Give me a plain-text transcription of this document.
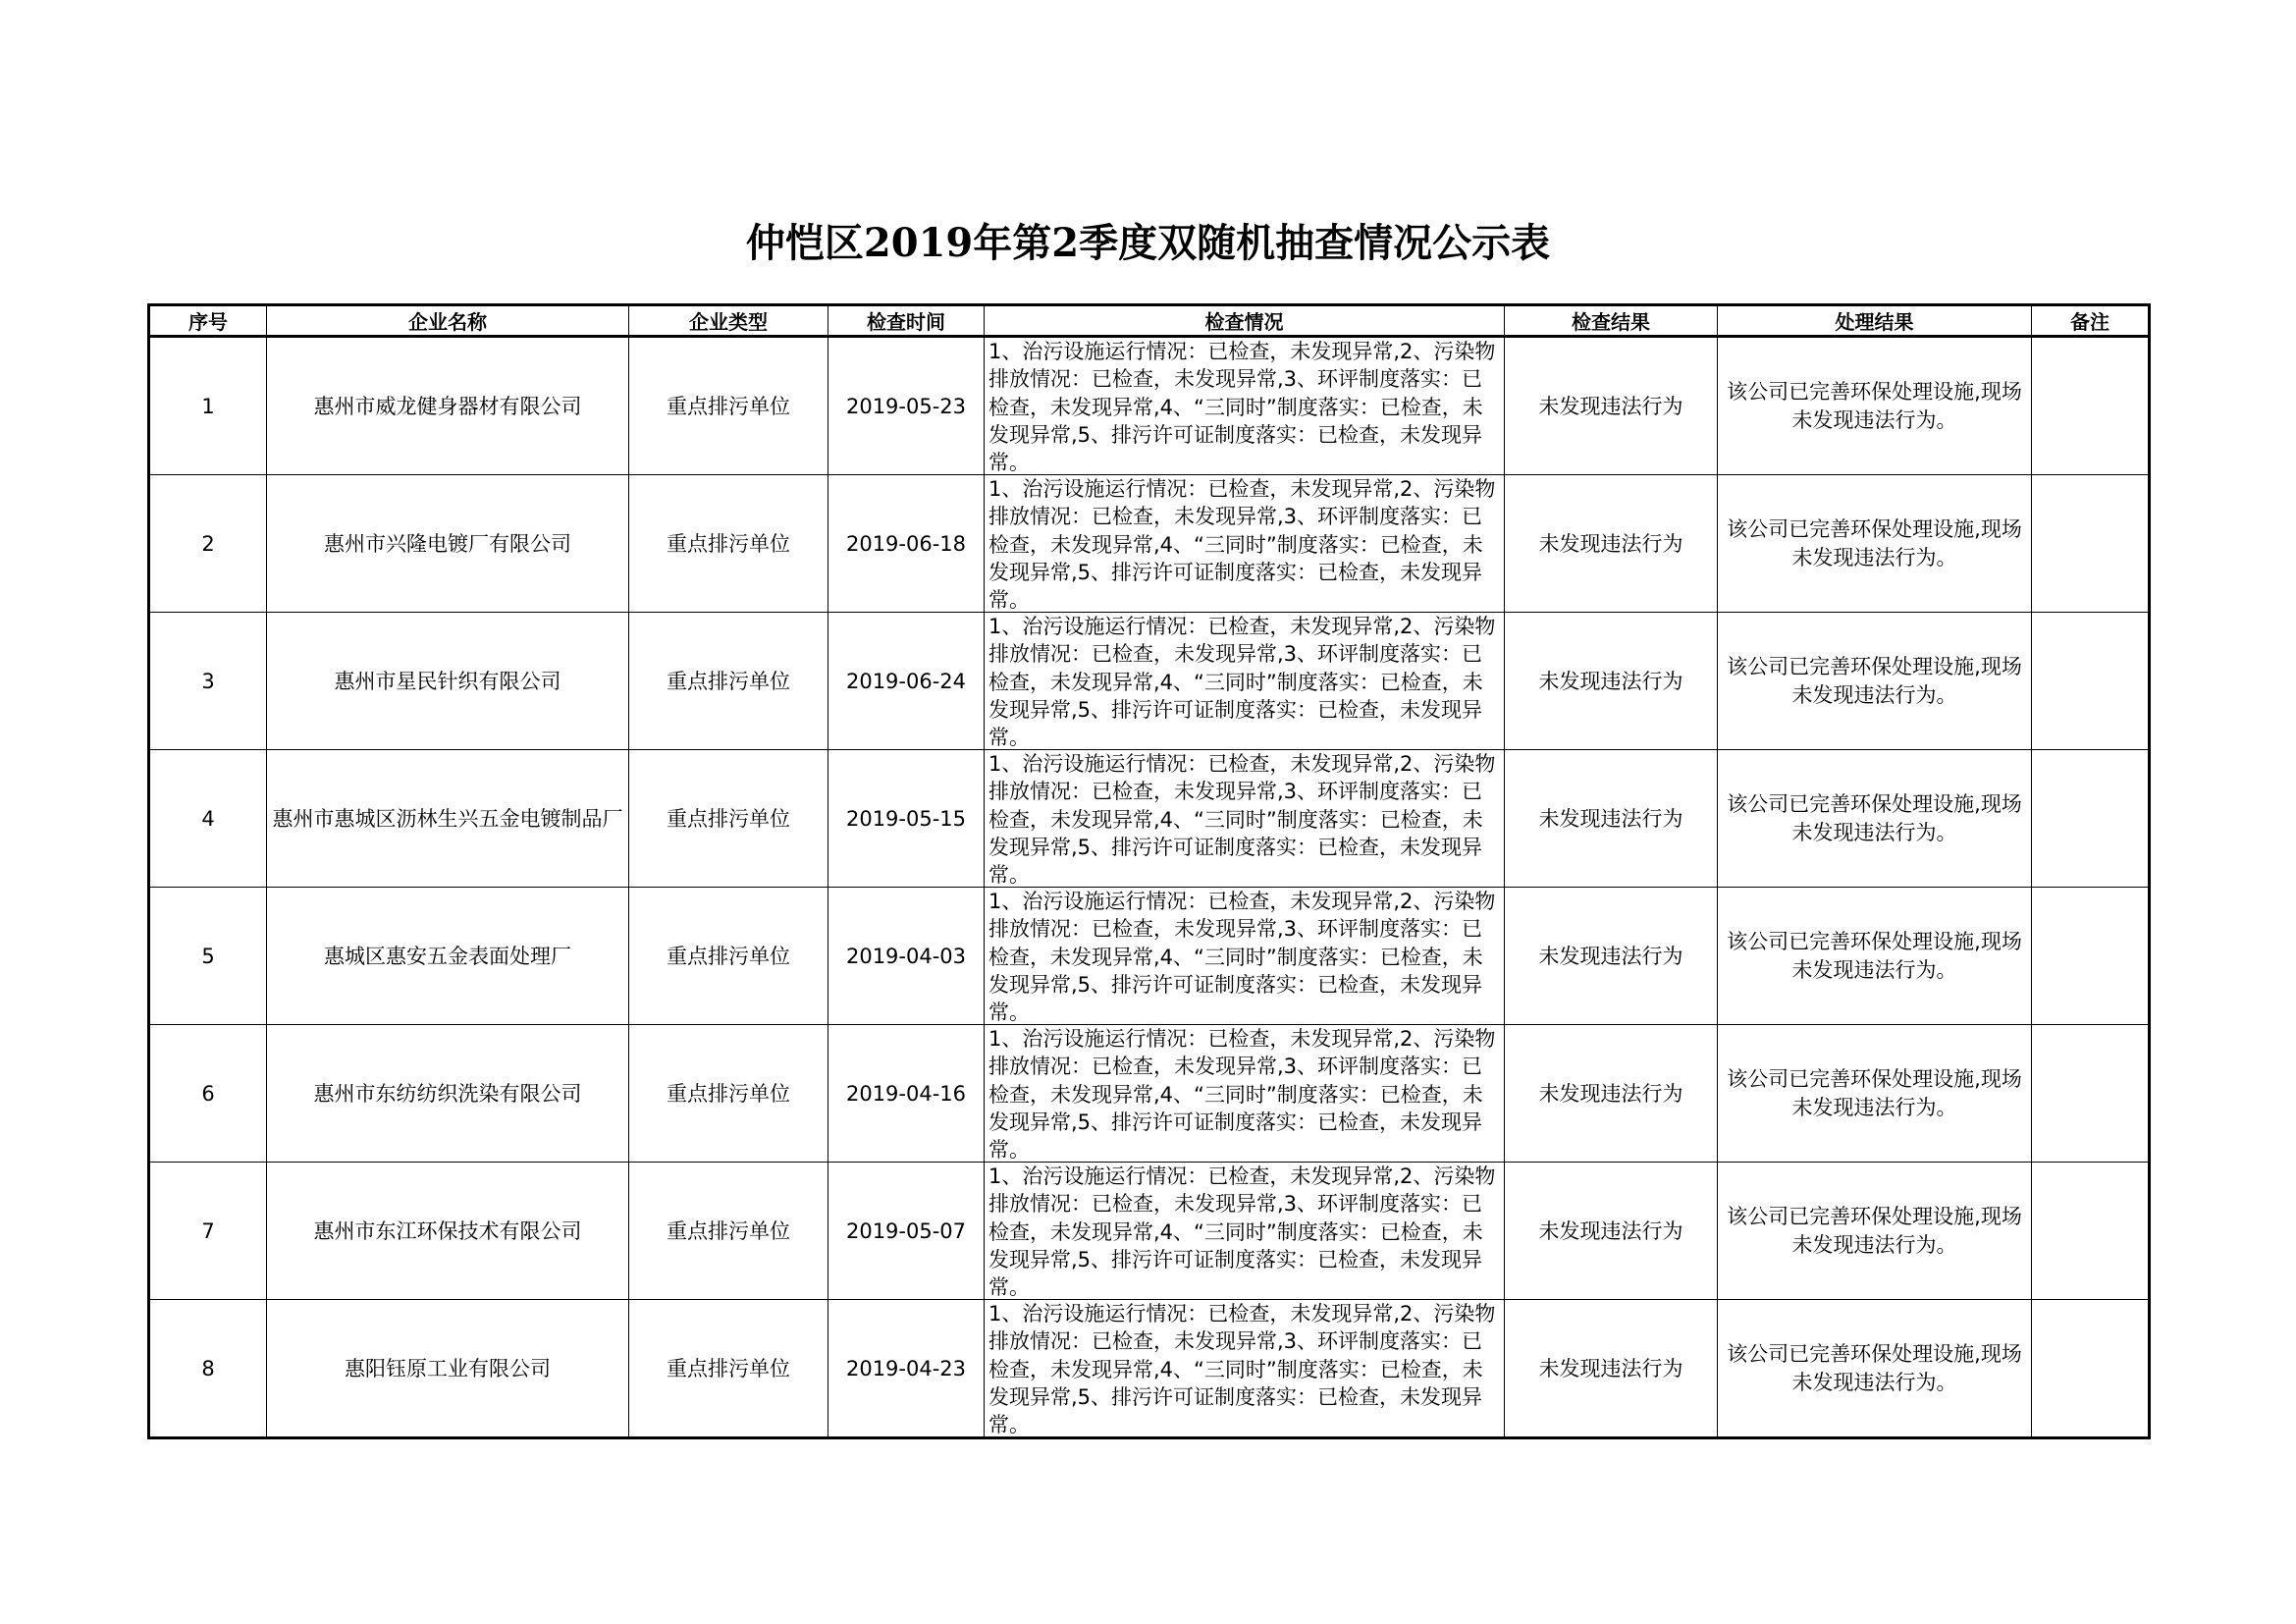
仲恺区2019年第2季度双随机抽查情况公示表
序号	企业名称	企业类型	检查时间	检查情况	检查结果	处理结果	备注
1	惠州市威龙健身器材有限公司	重点排污单位	2019-05-23	1、治污设施运行情况：已检查，未发现异常,2、污染物排放情况：已检查，未发现异常,3、环评制度落实：已检查，未发现异常,4、“三同时”制度落实：已检查，未发现异常,5、排污许可证制度落实：已检查，未发现异常。	未发现违法行为	该公司已完善环保处理设施,现场未发现违法行为。	
2	惠州市兴隆电镀厂有限公司	重点排污单位	2019-06-18	1、治污设施运行情况：已检查，未发现异常,2、污染物排放情况：已检查，未发现异常,3、环评制度落实：已检查，未发现异常,4、“三同时”制度落实：已检查，未发现异常,5、排污许可证制度落实：已检查，未发现异常。	未发现违法行为	该公司已完善环保处理设施,现场未发现违法行为。	
3	惠州市星民针织有限公司	重点排污单位	2019-06-24	1、治污设施运行情况：已检查，未发现异常,2、污染物排放情况：已检查，未发现异常,3、环评制度落实：已检查，未发现异常,4、“三同时”制度落实：已检查，未发现异常,5、排污许可证制度落实：已检查，未发现异常。	未发现违法行为	该公司已完善环保处理设施,现场未发现违法行为。	
4	惠州市惠城区沥林生兴五金电镀制品厂	重点排污单位	2019-05-15	1、治污设施运行情况：已检查，未发现异常,2、污染物排放情况：已检查，未发现异常,3、环评制度落实：已检查，未发现异常,4、“三同时”制度落实：已检查，未发现异常,5、排污许可证制度落实：已检查，未发现异常。	未发现违法行为	该公司已完善环保处理设施,现场未发现违法行为。	
5	惠城区惠安五金表面处理厂	重点排污单位	2019-04-03	1、治污设施运行情况：已检查，未发现异常,2、污染物排放情况：已检查，未发现异常,3、环评制度落实：已检查，未发现异常,4、“三同时”制度落实：已检查，未发现异常,5、排污许可证制度落实：已检查，未发现异常。	未发现违法行为	该公司已完善环保处理设施,现场未发现违法行为。	
6	惠州市东纺纺织洗染有限公司	重点排污单位	2019-04-16	1、治污设施运行情况：已检查，未发现异常,2、污染物排放情况：已检查，未发现异常,3、环评制度落实：已检查，未发现异常,4、“三同时”制度落实：已检查，未发现异常,5、排污许可证制度落实：已检查，未发现异常。	未发现违法行为	该公司已完善环保处理设施,现场未发现违法行为。	
7	惠州市东江环保技术有限公司	重点排污单位	2019-05-07	1、治污设施运行情况：已检查，未发现异常,2、污染物排放情况：已检查，未发现异常,3、环评制度落实：已检查，未发现异常,4、“三同时”制度落实：已检查，未发现异常,5、排污许可证制度落实：已检查，未发现异常。	未发现违法行为	该公司已完善环保处理设施,现场未发现违法行为。	
8	惠阳钰原工业有限公司	重点排污单位	2019-04-23	1、治污设施运行情况：已检查，未发现异常,2、污染物排放情况：已检查，未发现异常,3、环评制度落实：已检查，未发现异常,4、“三同时”制度落实：已检查，未发现异常,5、排污许可证制度落实：已检查，未发现异常。	未发现违法行为	该公司已完善环保处理设施,现场未发现违法行为。	
